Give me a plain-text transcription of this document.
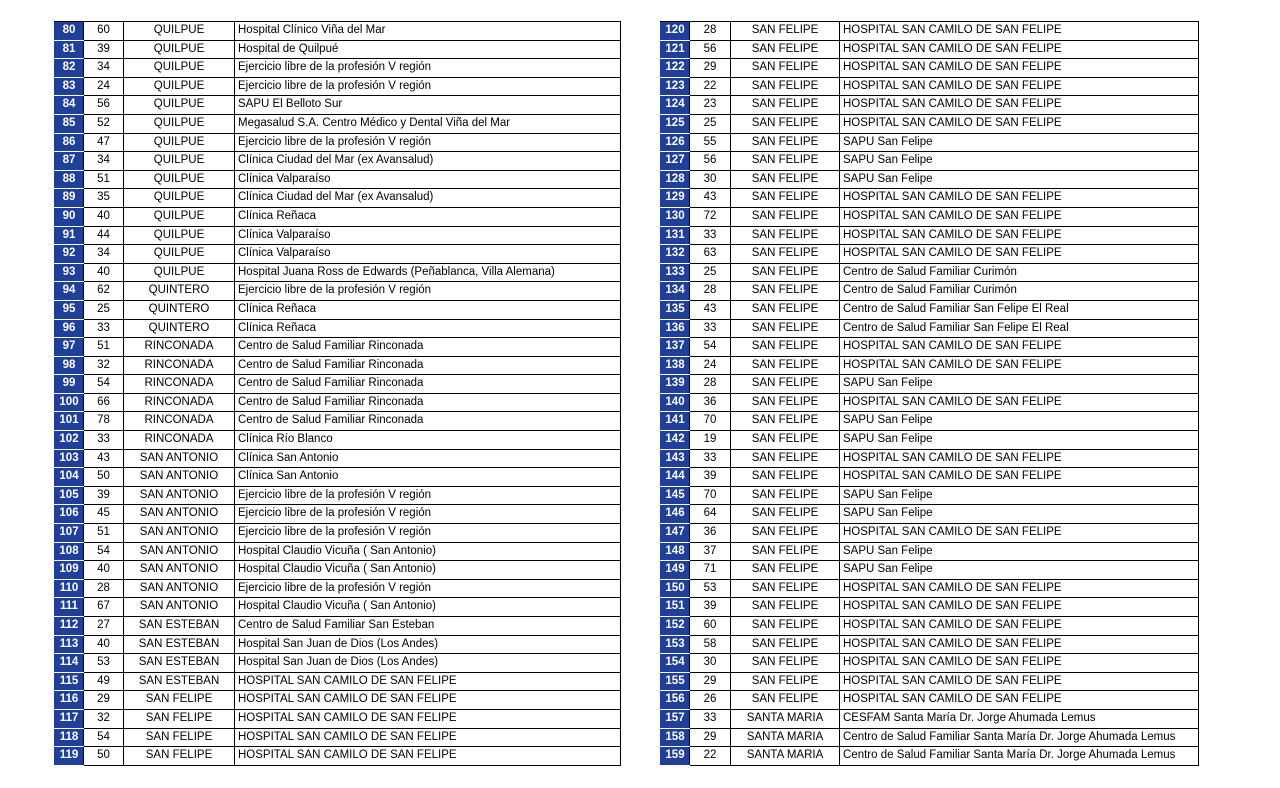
80	60	QUILPUE	Hospital Clínico Viña del Mar
81	39	QUILPUE	Hospital de Quilpué
82	34	QUILPUE	Ejercicio libre de la profesión V región
83	24	QUILPUE	Ejercicio libre de la profesión V región
84	56	QUILPUE	SAPU El Belloto Sur
85	52	QUILPUE	Megasalud S.A. Centro Médico y Dental Viña del Mar
86	47	QUILPUE	Ejercicio libre de la profesión V región
87	34	QUILPUE	Clínica Ciudad del Mar (ex Avansalud)
88	51	QUILPUE	Clínica Valparaíso
89	35	QUILPUE	Clínica Ciudad del Mar (ex Avansalud)
90	40	QUILPUE	Clínica Reñaca
91	44	QUILPUE	Clínica Valparaíso
92	34	QUILPUE	Clínica Valparaíso
93	40	QUILPUE	Hospital Juana Ross de Edwards (Peñablanca, Villa Alemana)
94	62	QUINTERO	Ejercicio libre de la profesión V región
95	25	QUINTERO	Clínica Reñaca
96	33	QUINTERO	Clínica Reñaca
97	51	RINCONADA	Centro de Salud Familiar Rinconada
98	32	RINCONADA	Centro de Salud Familiar Rinconada
99	54	RINCONADA	Centro de Salud Familiar Rinconada
100	66	RINCONADA	Centro de Salud Familiar Rinconada
101	78	RINCONADA	Centro de Salud Familiar Rinconada
102	33	RINCONADA	Clínica Río Blanco
103	43	SAN ANTONIO	Clínica San Antonio
104	50	SAN ANTONIO	Clínica San Antonio
105	39	SAN ANTONIO	Ejercicio libre de la profesión V región
106	45	SAN ANTONIO	Ejercicio libre de la profesión V región
107	51	SAN ANTONIO	Ejercicio libre de la profesión V región
108	54	SAN ANTONIO	Hospital Claudio Vicuña ( San Antonio)
109	40	SAN ANTONIO	Hospital Claudio Vicuña ( San Antonio)
110	28	SAN ANTONIO	Ejercicio libre de la profesión V región
111	67	SAN ANTONIO	Hospital Claudio Vicuña ( San Antonio)
112	27	SAN ESTEBAN	Centro de Salud Familiar San Esteban
113	40	SAN ESTEBAN	Hospital San Juan de Dios (Los Andes)
114	53	SAN ESTEBAN	Hospital San Juan de Dios (Los Andes)
115	49	SAN ESTEBAN	HOSPITAL SAN CAMILO DE SAN FELIPE
116	29	SAN FELIPE	HOSPITAL SAN CAMILO DE SAN FELIPE
117	32	SAN FELIPE	HOSPITAL SAN CAMILO DE SAN FELIPE
118	54	SAN FELIPE	HOSPITAL SAN CAMILO DE SAN FELIPE
119	50	SAN FELIPE	HOSPITAL SAN CAMILO DE SAN FELIPE
120	28	SAN FELIPE	HOSPITAL SAN CAMILO DE SAN FELIPE
121	56	SAN FELIPE	HOSPITAL SAN CAMILO DE SAN FELIPE
122	29	SAN FELIPE	HOSPITAL SAN CAMILO DE SAN FELIPE
123	22	SAN FELIPE	HOSPITAL SAN CAMILO DE SAN FELIPE
124	23	SAN FELIPE	HOSPITAL SAN CAMILO DE SAN FELIPE
125	25	SAN FELIPE	HOSPITAL SAN CAMILO DE SAN FELIPE
126	55	SAN FELIPE	SAPU San Felipe
127	56	SAN FELIPE	SAPU San Felipe
128	30	SAN FELIPE	SAPU San Felipe
129	43	SAN FELIPE	HOSPITAL SAN CAMILO DE SAN FELIPE
130	72	SAN FELIPE	HOSPITAL SAN CAMILO DE SAN FELIPE
131	33	SAN FELIPE	HOSPITAL SAN CAMILO DE SAN FELIPE
132	63	SAN FELIPE	HOSPITAL SAN CAMILO DE SAN FELIPE
133	25	SAN FELIPE	Centro de Salud Familiar Curimón
134	28	SAN FELIPE	Centro de Salud Familiar Curimón
135	43	SAN FELIPE	Centro de Salud Familiar San Felipe El Real
136	33	SAN FELIPE	Centro de Salud Familiar San Felipe El Real
137	54	SAN FELIPE	HOSPITAL SAN CAMILO DE SAN FELIPE
138	24	SAN FELIPE	HOSPITAL SAN CAMILO DE SAN FELIPE
139	28	SAN FELIPE	SAPU San Felipe
140	36	SAN FELIPE	HOSPITAL SAN CAMILO DE SAN FELIPE
141	70	SAN FELIPE	SAPU San Felipe
142	19	SAN FELIPE	SAPU San Felipe
143	33	SAN FELIPE	HOSPITAL SAN CAMILO DE SAN FELIPE
144	39	SAN FELIPE	HOSPITAL SAN CAMILO DE SAN FELIPE
145	70	SAN FELIPE	SAPU San Felipe
146	64	SAN FELIPE	SAPU San Felipe
147	36	SAN FELIPE	HOSPITAL SAN CAMILO DE SAN FELIPE
148	37	SAN FELIPE	SAPU San Felipe
149	71	SAN FELIPE	SAPU San Felipe
150	53	SAN FELIPE	HOSPITAL SAN CAMILO DE SAN FELIPE
151	39	SAN FELIPE	HOSPITAL SAN CAMILO DE SAN FELIPE
152	60	SAN FELIPE	HOSPITAL SAN CAMILO DE SAN FELIPE
153	58	SAN FELIPE	HOSPITAL SAN CAMILO DE SAN FELIPE
154	30	SAN FELIPE	HOSPITAL SAN CAMILO DE SAN FELIPE
155	29	SAN FELIPE	HOSPITAL SAN CAMILO DE SAN FELIPE
156	26	SAN FELIPE	HOSPITAL SAN CAMILO DE SAN FELIPE
157	33	SANTA MARIA	CESFAM Santa María Dr. Jorge Ahumada Lemus
158	29	SANTA MARIA	Centro de Salud Familiar Santa María Dr. Jorge Ahumada Lemus
159	22	SANTA MARIA	Centro de Salud Familiar Santa María Dr. Jorge Ahumada Lemus
